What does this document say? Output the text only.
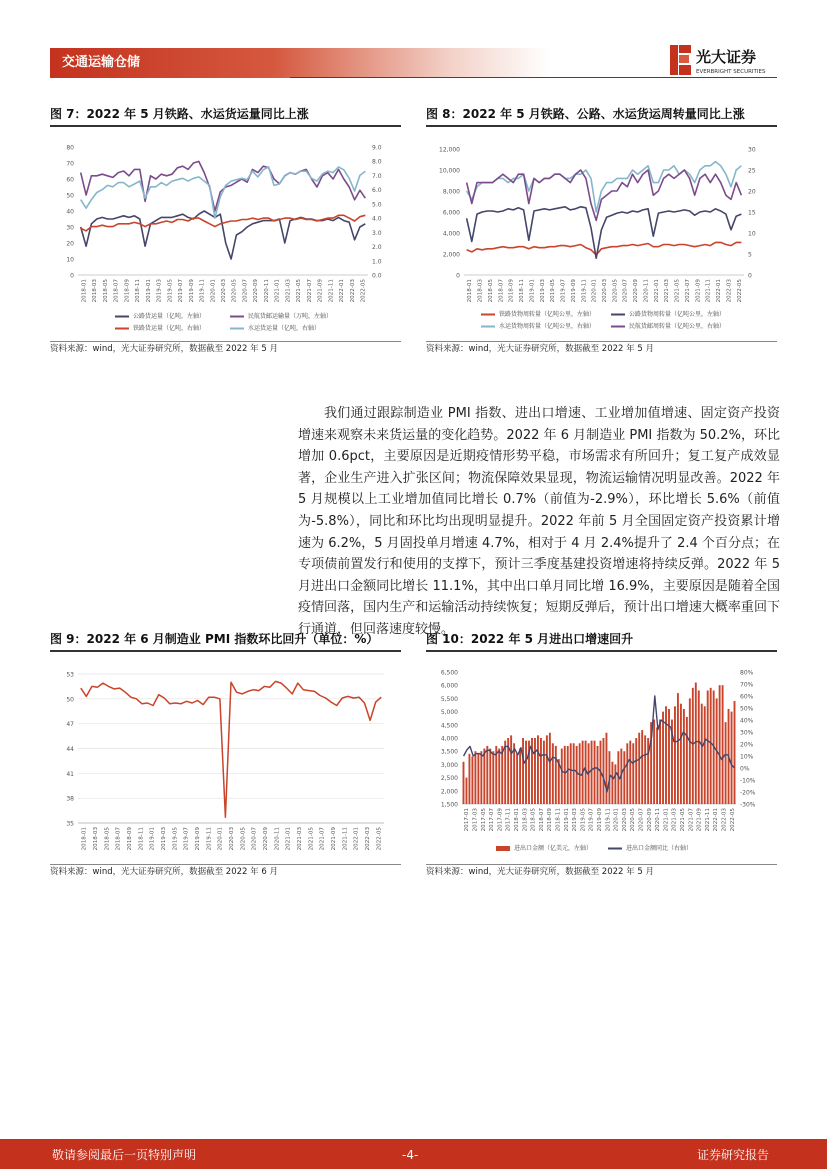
交通运输仓储	光大证券
EVERBRIGHT SECURITIES
图 7：2022 年 5 月铁路、水运货运量同比上涨
0
10
20
30
40
50
60
70
80
0.0
1.0
2.0
3.0
4.0
5.0
6.0
7.0
8.0
9.0
2018-01 2018-03 2018-05 2018-07 2018-09 2018-11 2019-01 2019-03 2019-05 2019-07 2019-09 2019-11 2020-01 2020-03 2020-05 2020-07 2020-09 2020-11 2021-01 2021-03 2021-05 2021-07 2021-09 2021-11 2022-01 2022-03 2022-05
公路货运量（亿吨，左轴）	民航货邮运输量（万吨，左轴）
铁路货运量（亿吨，右轴）	水运货运量（亿吨，右轴）
资料来源：wind，光大证券研究所，数据截至 2022 年 5 月
图 8：2022 年 5 月铁路、公路、水运货运周转量同比上涨
0
2,000
4,000
6,000
8,000
10,000
12,000
0
5
10
15
20
25
30
2018-01 2018-03 2018-05 2018-07 2018-09 2018-11 2019-01 2019-03 2019-05 2019-07 2019-09 2019-11 2020-01 2020-03 2020-05 2020-07 2020-09 2020-11 2021-01 2021-03 2021-05 2021-07 2021-09 2021-11 2022-01 2022-03 2022-05
铁路货物周转量（亿吨公里，左轴）	公路货物周转量（亿吨公里，左轴）
水运货物周转量（亿吨公里，右轴）	民航货邮周转量（亿吨公里，右轴）
资料来源：wind，光大证券研究所，数据截至 2022 年 5 月
我们通过跟踪制造业 PMI 指数、进出口增速、工业增加值增速、固定资产投资增速来观察未来货运量的变化趋势。2022 年 6 月制造业 PMI 指数为 50.2%，环比增加 0.6pct，主要原因是近期疫情形势平稳，市场需求有所回升；复工复产成效显著，企业生产进入扩张区间；物流保障效果显现，物流运输情况明显改善。2022 年 5 月规模以上工业增加值同比增长 0.7%（前值为-2.9%），环比增长 5.6%（前值为-5.8%），同比和环比均出现明显提升。2022 年前 5 月全国固定资产投资累计增速为 6.2%，5 月固投单月增速 4.7%，相对于 4 月 2.4%提升了 2.4 个百分点；在专项债前置发行和使用的支撑下，预计三季度基建投资增速将持续反弹。2022 年 5 月进出口金额同比增长 11.1%，其中出口单月同比增 16.9%，主要原因是随着全国疫情回落，国内生产和运输活动持续恢复；短期反弹后，预计出口增速大概率重回下行通道，但回落速度较慢。
图 9：2022 年 6 月制造业 PMI 指数环比回升（单位：%）
35
38
41
44
47
50
53
2018-01 2018-03 2018-05 2018-07 2018-09 2018-11 2019-01 2019-03 2019-05 2019-07 2019-09 2019-11 2020-01 2020-03 2020-05 2020-07 2020-09 2020-11 2021-01 2021-03 2021-05 2021-07 2021-09 2021-11 2022-01 2022-03 2022-05
资料来源：wind，光大证券研究所，数据截至 2022 年 6 月
图 10：2022 年 5 月进出口增速回升
1,500
2,000
2,500
3,000
3,500
4,000
4,500
5,000
5,500
6,000
6,500
-30%
-20%
-10%
0%
10%
20%
30%
40%
50%
60%
70%
80%
2017-01 2017-03 2017-05 2017-07 2017-09 2017-11 2018-01 2018-03 2018-05 2018-07 2018-09 2018-11 2019-01 2019-03 2019-05 2019-07 2019-09 2019-11 2020-01 2020-03 2020-05 2020-07 2020-09 2020-11 2021-01 2021-03 2021-05 2021-07 2021-09 2021-11 2022-01 2022-03 2022-05
进出口金额（亿美元，左轴）	进出口金额同比（右轴）
资料来源：wind，光大证券研究所，数据截至 2022 年 5 月
敬请参阅最后一页特别声明	-4-	证券研究报告
